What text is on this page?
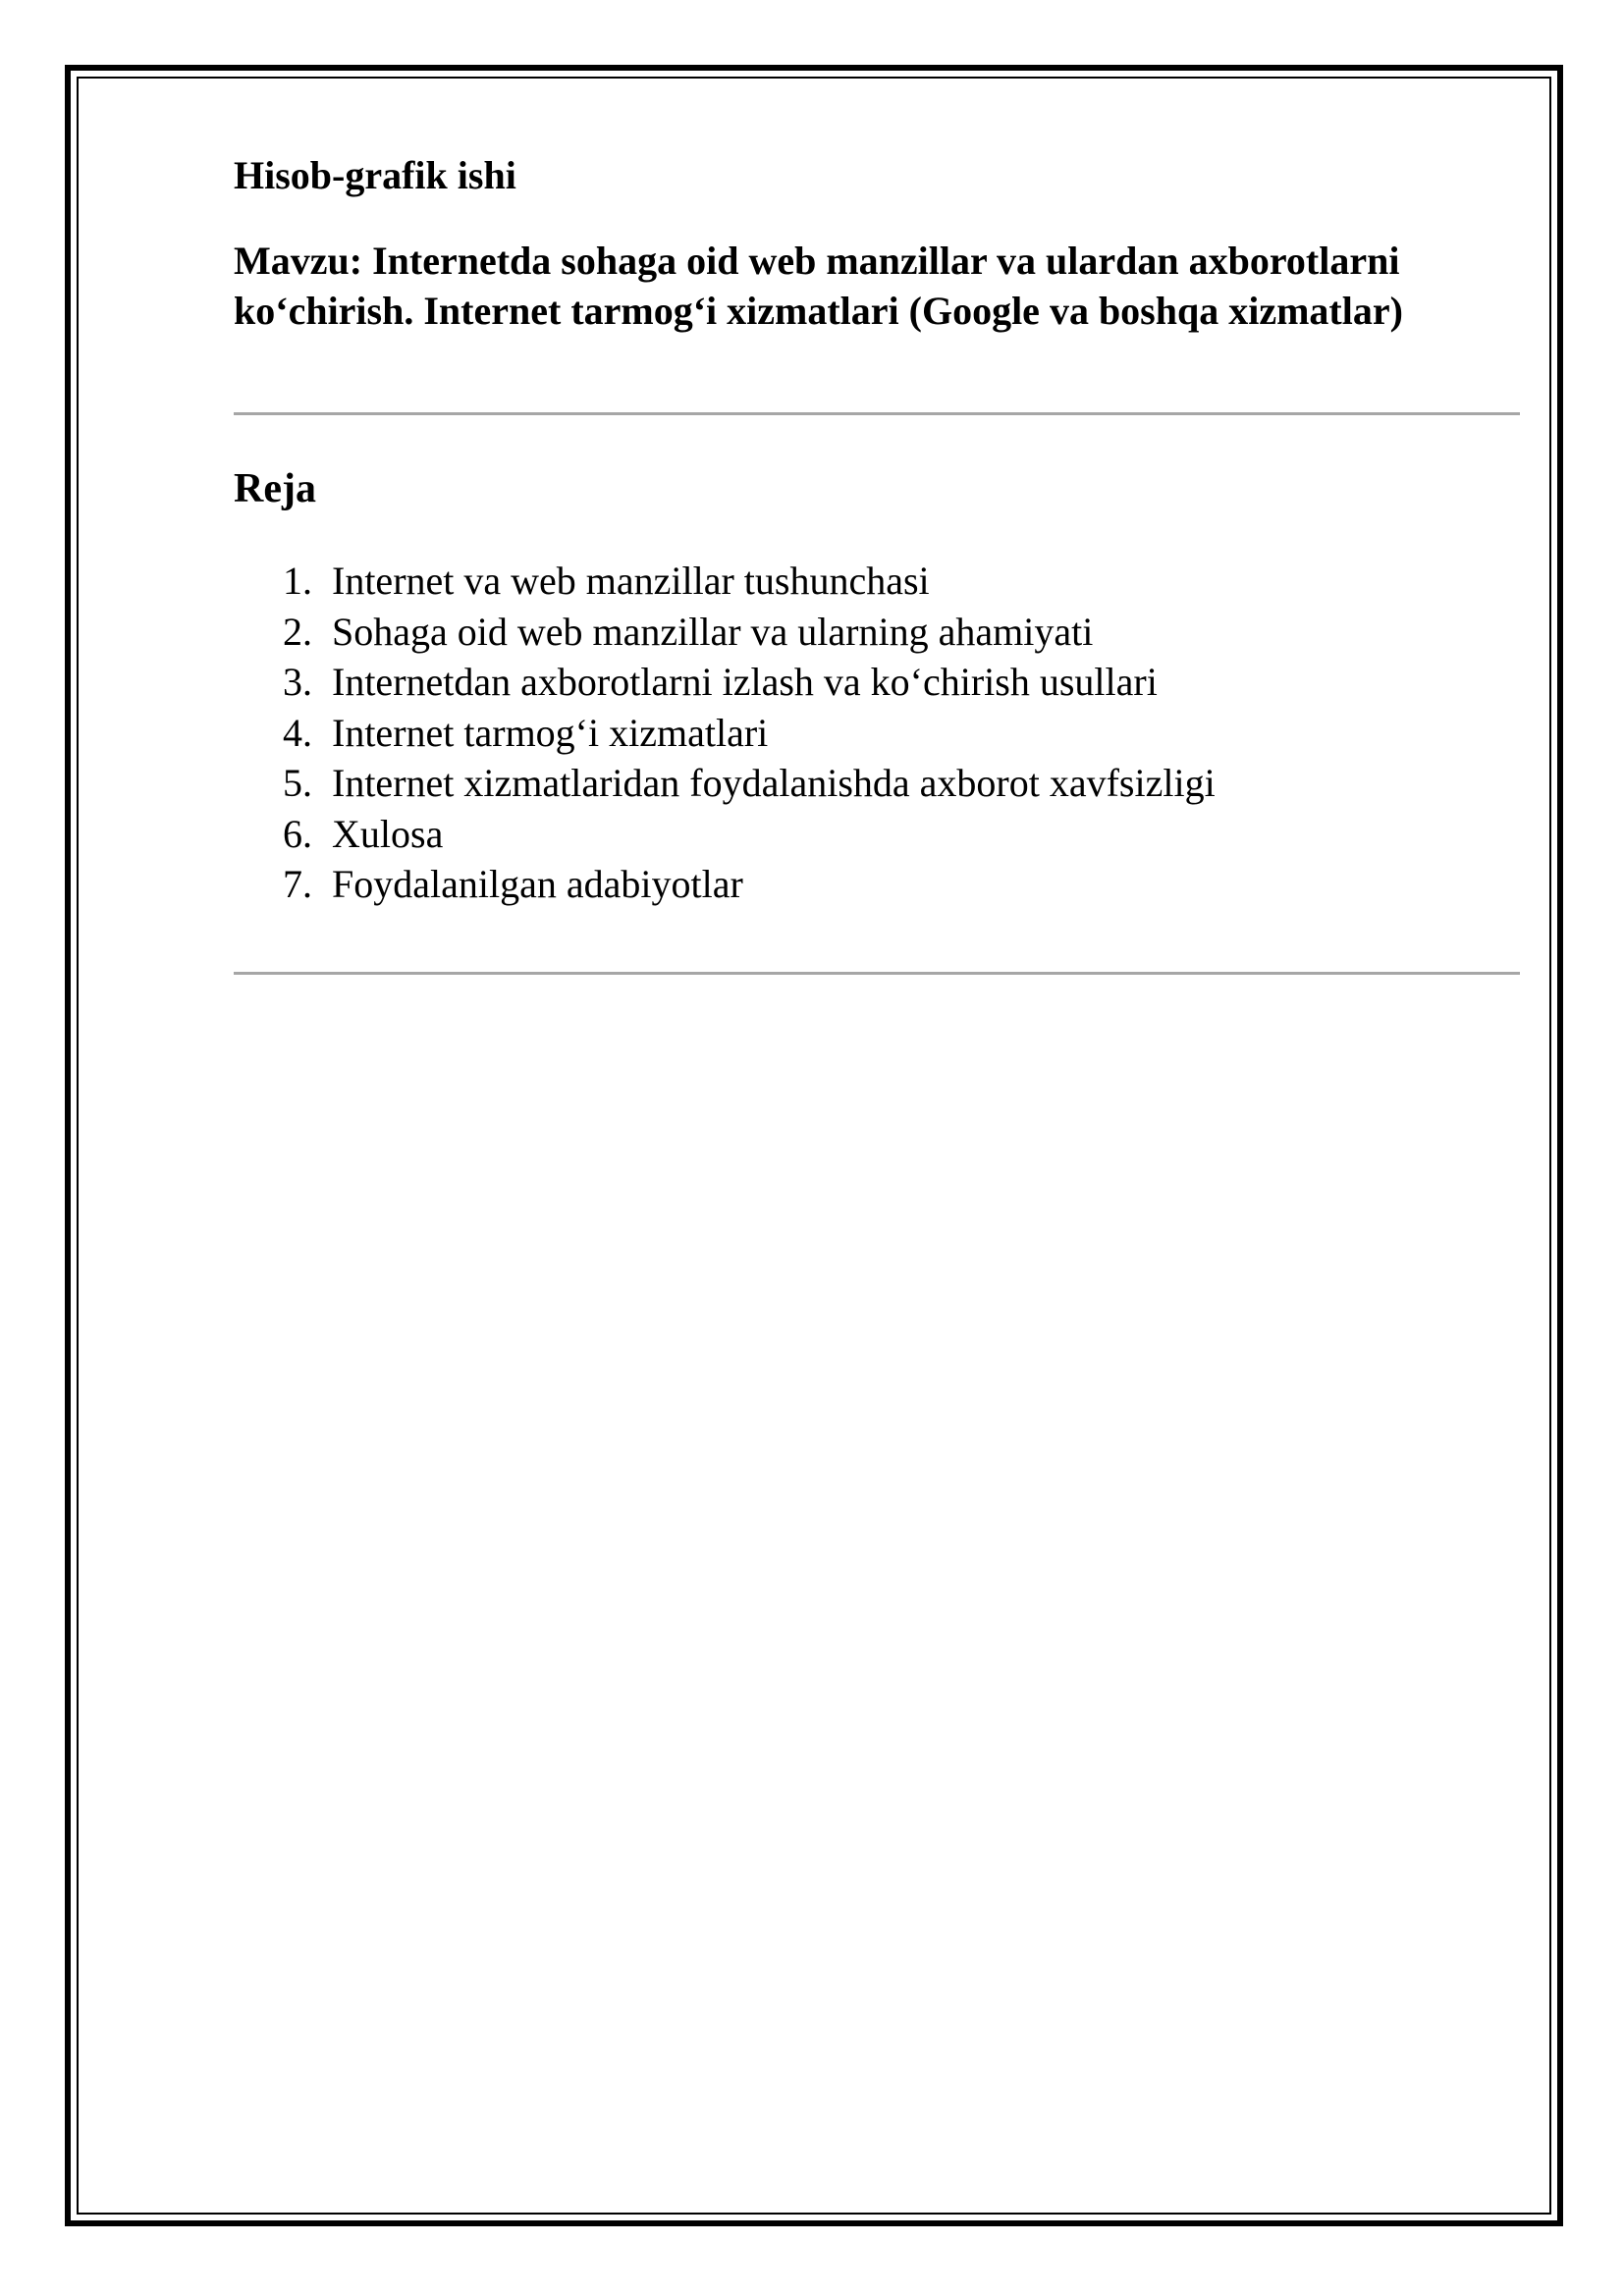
Hisob-grafik ishi

Mavzu: Internetda sohaga oid web manzillar va ulardan axborotlarni ko‘chirish. Internet tarmog‘i xizmatlari (Google va boshqa xizmatlar)

Reja

1. Internet va web manzillar tushunchasi
2. Sohaga oid web manzillar va ularning ahamiyati
3. Internetdan axborotlarni izlash va ko‘chirish usullari
4. Internet tarmog‘i xizmatlari
5. Internet xizmatlaridan foydalanishda axborot xavfsizligi
6. Xulosa
7. Foydalanilgan adabiyotlar
